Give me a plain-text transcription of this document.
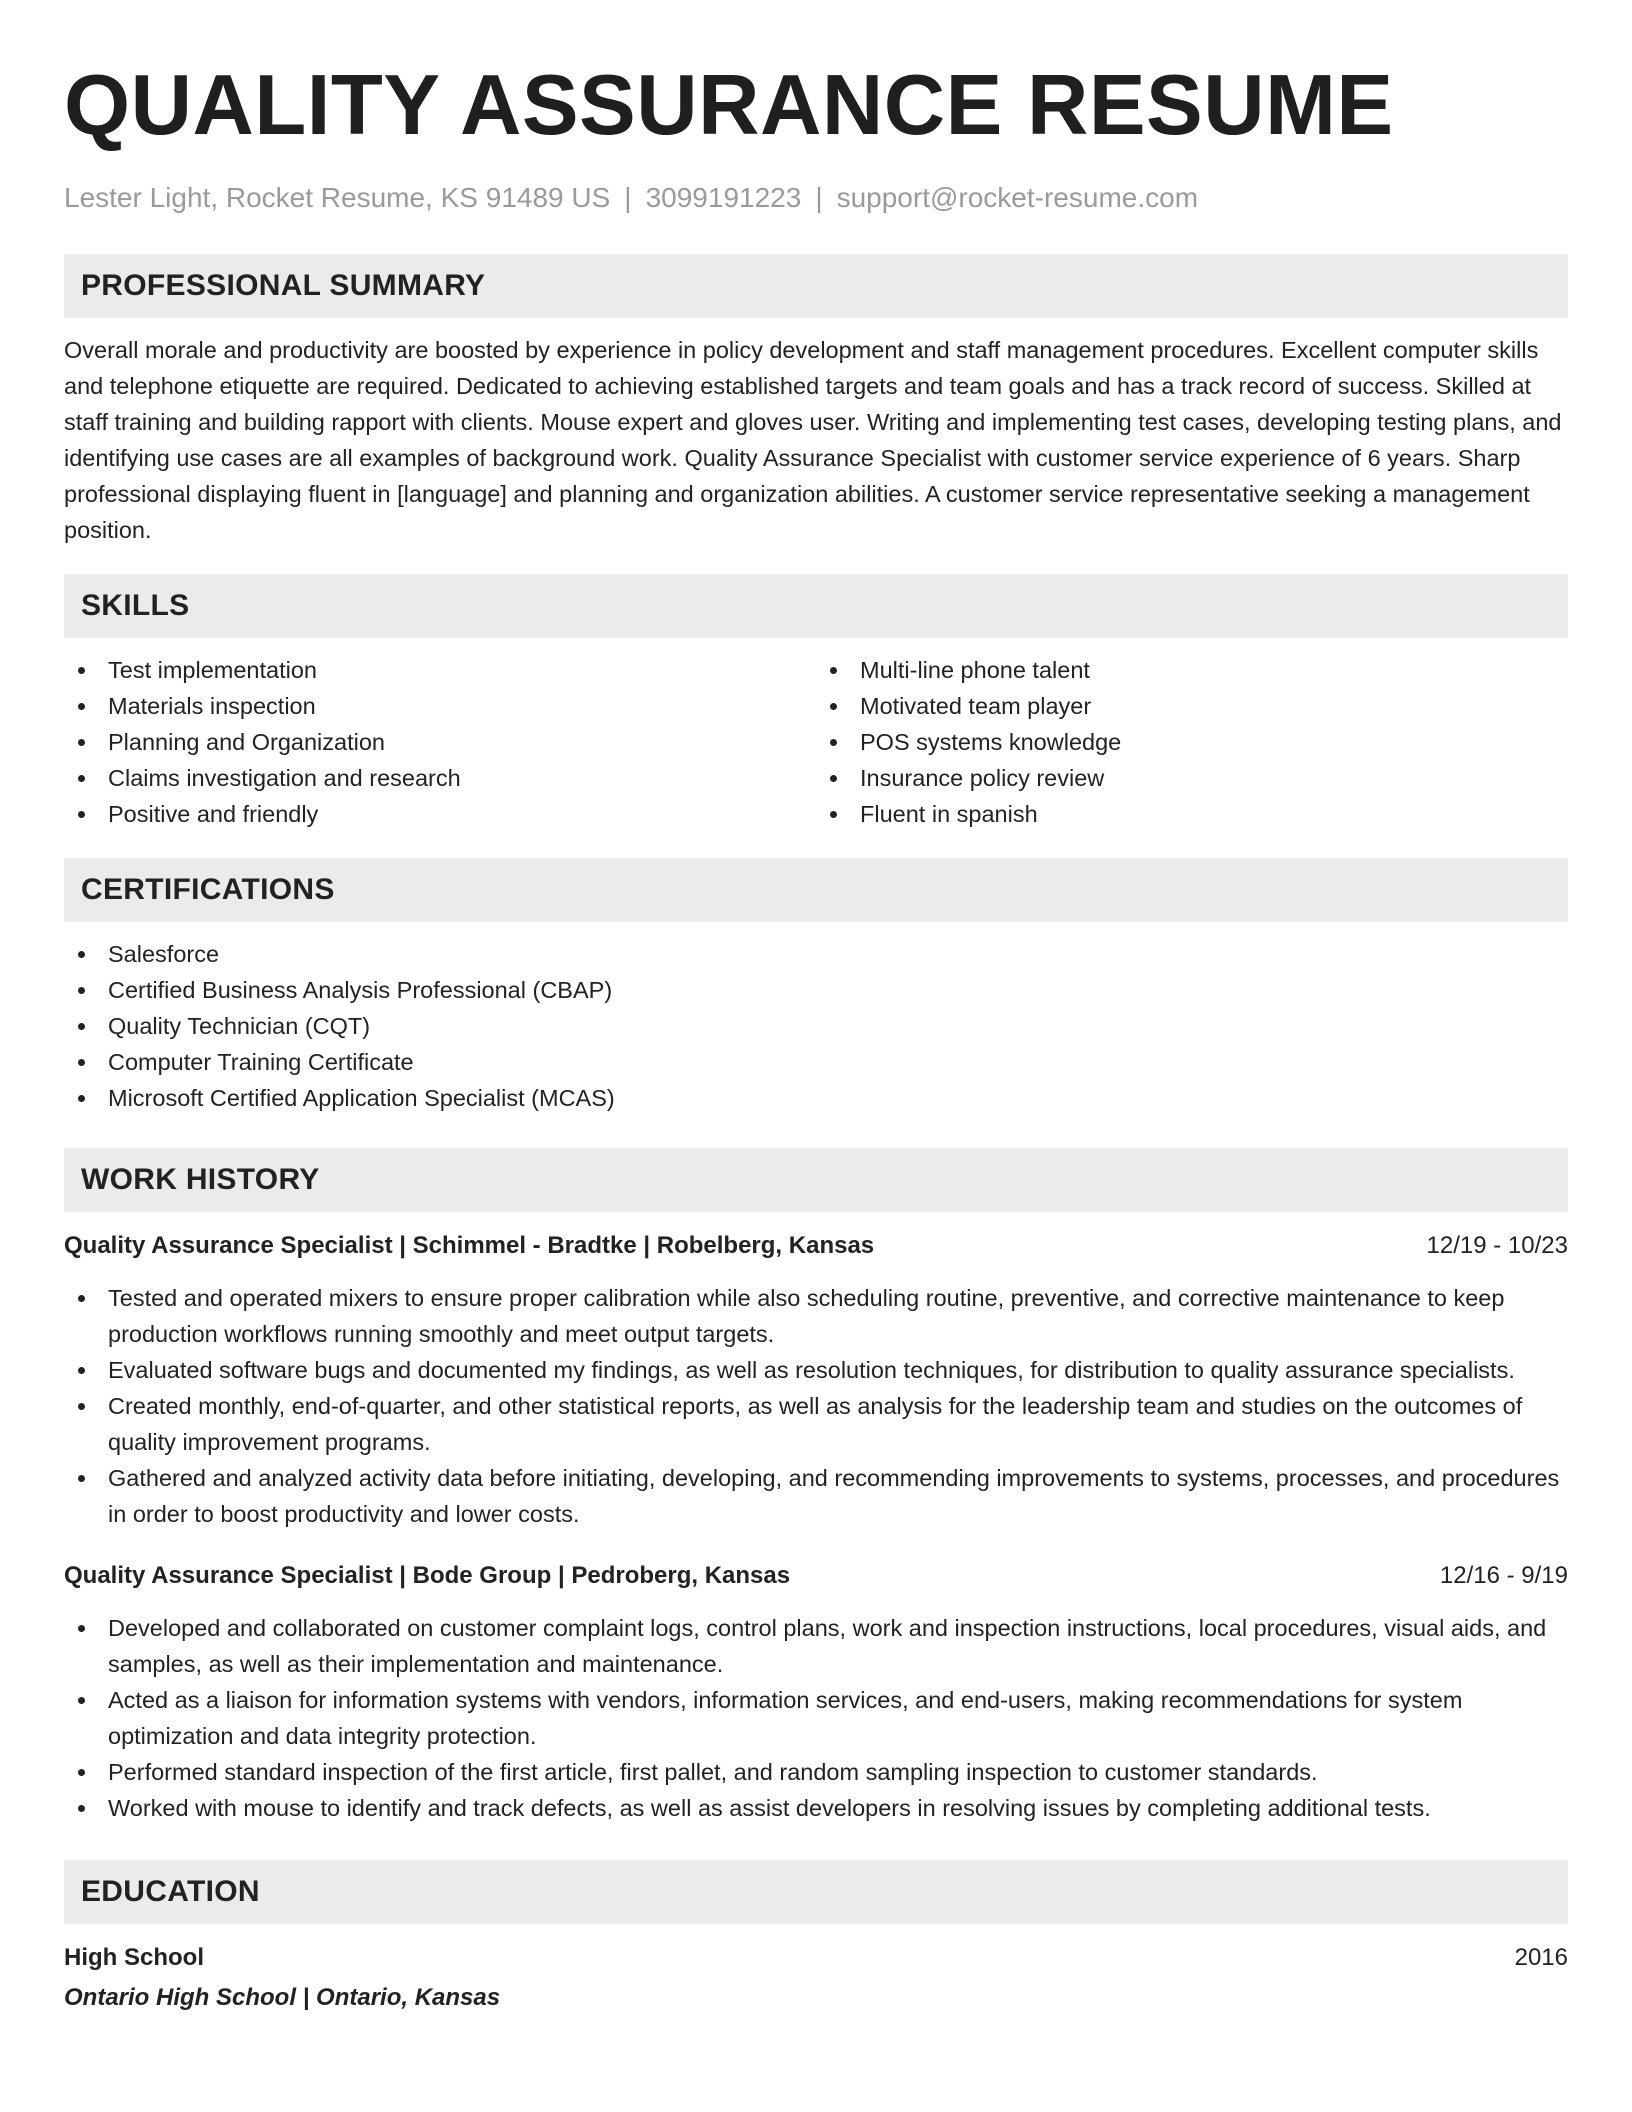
QUALITY ASSURANCE RESUME
Lester Light, Rocket Resume, KS 91489 US | 3099191223 | support@rocket-resume.com
PROFESSIONAL SUMMARY

Overall morale and productivity are boosted by experience in policy development and staff management procedures. Excellent computer skills and telephone etiquette are required. Dedicated to achieving established targets and team goals and has a track record of success. Skilled at staff training and building rapport with clients. Mouse expert and gloves user. Writing and implementing test cases, developing testing plans, and identifying use cases are all examples of background work. Quality Assurance Specialist with customer service experience of 6 years. Sharp professional displaying fluent in [language] and planning and organization abilities. A customer service representative seeking a management position.

SKILLS
Test implementation
Materials inspection
Planning and Organization
Claims investigation and research
Positive and friendly
Multi-line phone talent
Motivated team player
POS systems knowledge
Insurance policy review
Fluent in spanish
CERTIFICATIONS
Salesforce
Certified Business Analysis Professional (CBAP)
Quality Technician (CQT)
Computer Training Certificate
Microsoft Certified Application Specialist (MCAS)
WORK HISTORY
Quality Assurance Specialist | Schimmel - Bradtke | Robelberg, Kansas	12/19 - 10/23
Tested and operated mixers to ensure proper calibration while also scheduling routine, preventive, and corrective maintenance to keep production workflows running smoothly and meet output targets.
Evaluated software bugs and documented my findings, as well as resolution techniques, for distribution to quality assurance specialists.
Created monthly, end-of-quarter, and other statistical reports, as well as analysis for the leadership team and studies on the outcomes of quality improvement programs.
Gathered and analyzed activity data before initiating, developing, and recommending improvements to systems, processes, and procedures in order to boost productivity and lower costs.
Quality Assurance Specialist | Bode Group | Pedroberg, Kansas	12/16 - 9/19
Developed and collaborated on customer complaint logs, control plans, work and inspection instructions, local procedures, visual aids, and samples, as well as their implementation and maintenance.
Acted as a liaison for information systems with vendors, information services, and end-users, making recommendations for system optimization and data integrity protection.
Performed standard inspection of the first article, first pallet, and random sampling inspection to customer standards.
Worked with mouse to identify and track defects, as well as assist developers in resolving issues by completing additional tests.
EDUCATION
High School	2016
Ontario High School | Ontario, Kansas
